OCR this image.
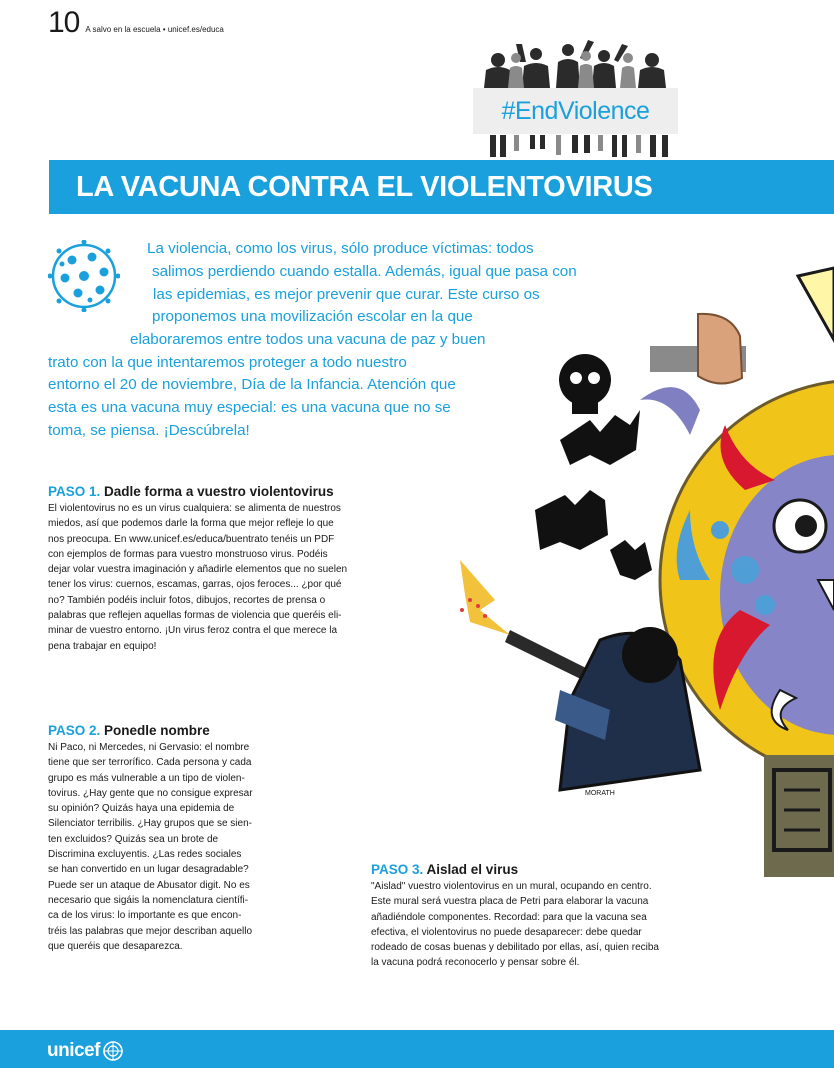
10 A salvo en la escuela • unicef.es/educa
#EndViolence
LA VACUNA CONTRA EL VIOLENTOVIRUS
La violencia, como los virus, sólo produce víctimas: todos
salimos perdiendo cuando estalla. Además, igual que pasa con
las epidemias, es mejor prevenir que curar. Este curso os
proponemos una movilización escolar en la que
elaboraremos entre todos una vacuna de paz y buen
trato con la que intentaremos proteger a todo nuestro
entorno el 20 de noviembre, Día de la Infancia. Atención que
esta es una vacuna muy especial: es una vacuna que no se
toma, se piensa. ¡Descúbrela!
PASO 1. Dadle forma a vuestro violentovirus
El violentovirus no es un virus cualquiera: se alimenta de nuestros
miedos, así que podemos darle la forma que mejor refleje lo que
nos preocupa. En www.unicef.es/educa/buentrato tenéis un PDF
con ejemplos de formas para vuestro monstruoso virus. Podéis
dejar volar vuestra imaginación y añadirle elementos que no suelen
tener los virus: cuernos, escamas, garras, ojos feroces... ¿por qué
no? También podéis incluir fotos, dibujos, recortes de prensa o
palabras que reflejen aquellas formas de violencia que queréis eli-
minar de vuestro entorno. ¡Un virus feroz contra el que merece la
pena trabajar en equipo!
PASO 2. Ponedle nombre
Ni Paco, ni Mercedes, ni Gervasio: el nombre
tiene que ser terrorífico. Cada persona y cada
grupo es más vulnerable a un tipo de violen-
tovirus. ¿Hay gente que no consigue expresar
su opinión? Quizás haya una epidemia de
Silenciator terribilis. ¿Hay grupos que se sien-
ten excluidos? Quizás sea un brote de
Discrimina excluyentis. ¿Las redes sociales
se han convertido en un lugar desagradable?
Puede ser un ataque de Abusator digit. No es
necesario que sigáis la nomenclatura científi-
ca de los virus: lo importante es que encon-
tréis las palabras que mejor describan aquello
que queréis que desaparezca.
PASO 3. Aislad el virus
"Aislad" vuestro violentovirus en un mural, ocupando en centro.
Este mural será vuestra placa de Petri para elaborar la vacuna
añadiéndole componentes. Recordad: para que la vacuna sea
efectiva, el violentovirus no puede desaparecer: debe quedar
rodeado de cosas buenas y debilitado por ellas, así, quien reciba
la vacuna podrá reconocerlo y pensar sobre él.
MORATH
unicef
